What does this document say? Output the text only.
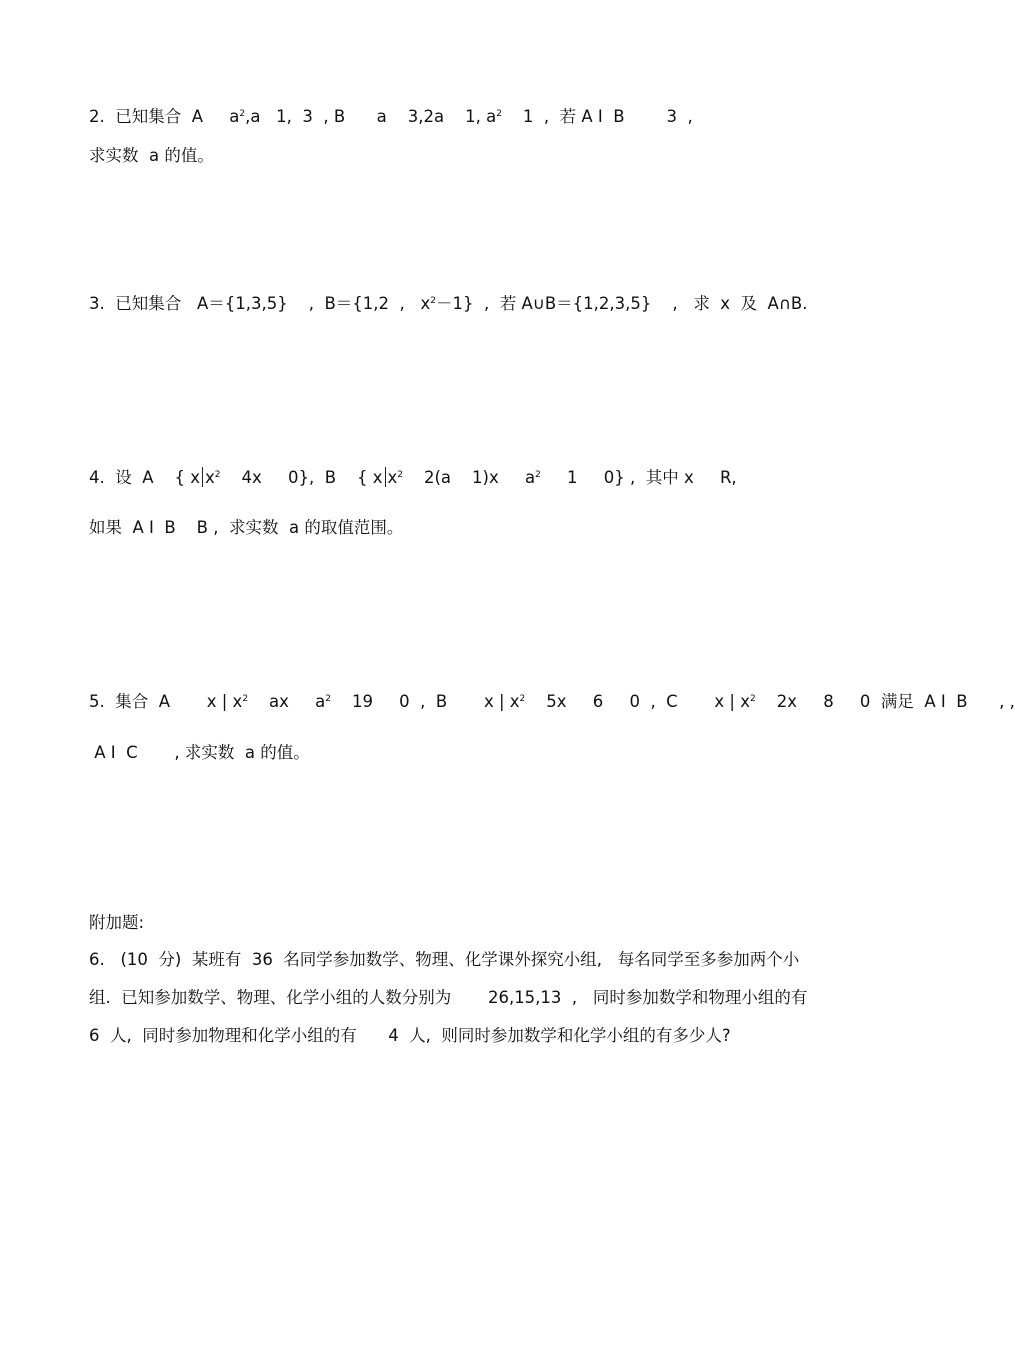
2.  已知集合  A     $a^2,a$   1,  3  , B      a    3,2a    1, $a^2$    1  ,  若 A I  B        3  ,
求实数  a 的值。
3.  已知集合   A＝{1,3,5}    ,  B＝{1,2  ,   $x^2-1$}  ,  若 A∪B＝{1,2,3,5}    ,   求  x  及  A∩B.
4.  设  A    { x $x^2$    4x     0},  B    { x $x^2$    2(a    1)x     $a^2$     1     0} ,  其中 x     R,
如果  A I  B    B ,  求实数  a 的取值范围。
5.  集合  A       x | $x^2$    ax     $a^2$    19     0  ,  B       x | $x^2$    5x     6     0  ,  C       x | $x^2$    2x     8     0  满足  A I  B      , ,
A I  C       , 求实数  a 的值。
附加题:
6.   (10  分)  某班有  36  名同学参加数学、物理、化学课外探究小组,   每名同学至多参加两个小
组.  已知参加数学、物理、化学小组的人数分别为       26,15,13  ,   同时参加数学和物理小组的有
6  人,  同时参加物理和化学小组的有      4  人,  则同时参加数学和化学小组的有多少人?
